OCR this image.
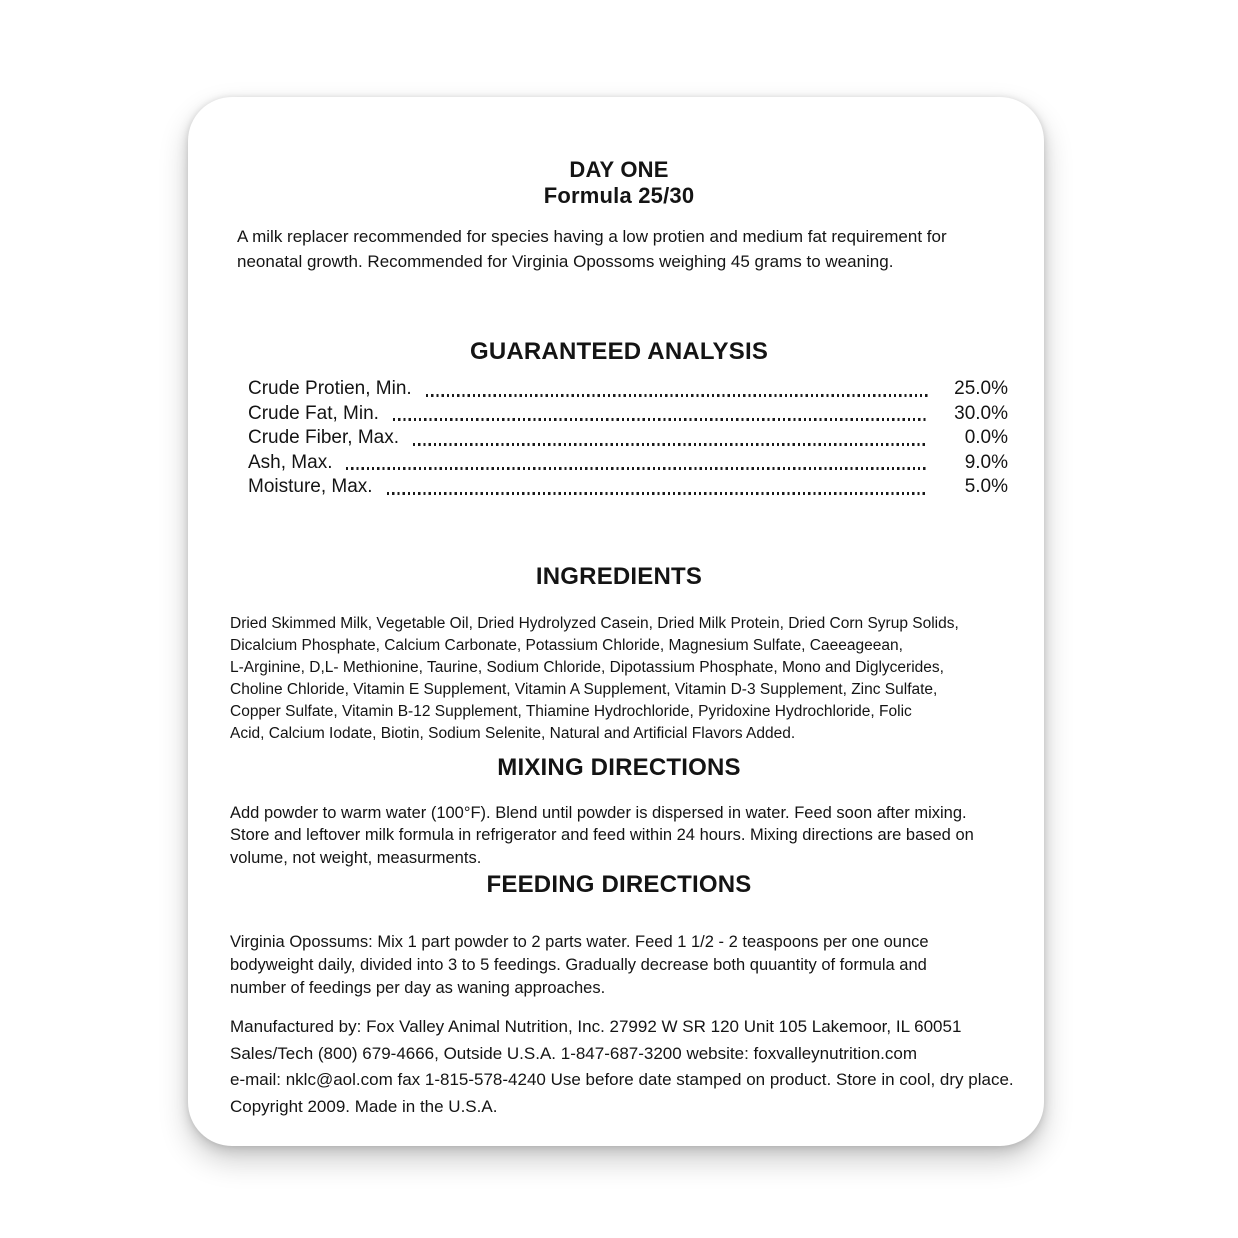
DAY ONE
Formula 25/30
A milk replacer recommended for species having a low protien and medium fat requirement for
neonatal growth. Recommended for Virginia Opossoms weighing 45 grams to weaning.
GUARANTEED ANALYSIS
Crude Protien, Min.	25.0%
Crude Fat, Min.	30.0%
Crude Fiber, Max.	0.0%
Ash, Max.	9.0%
Moisture, Max.	5.0%
INGREDIENTS
Dried Skimmed Milk, Vegetable Oil, Dried Hydrolyzed Casein, Dried Milk Protein, Dried Corn Syrup Solids,
Dicalcium Phosphate, Calcium Carbonate, Potassium Chloride, Magnesium Sulfate, Caeeageean,
L-Arginine, D,L- Methionine, Taurine, Sodium Chloride, Dipotassium Phosphate, Mono and Diglycerides,
Choline Chloride, Vitamin E Supplement, Vitamin A Supplement, Vitamin D-3 Supplement, Zinc Sulfate,
Copper Sulfate, Vitamin B-12 Supplement, Thiamine Hydrochloride, Pyridoxine Hydrochloride, Folic
Acid, Calcium Iodate, Biotin, Sodium Selenite, Natural and Artificial Flavors Added.
MIXING DIRECTIONS
Add powder to warm water (100°F). Blend until powder is dispersed in water. Feed soon after mixing.
Store and leftover milk formula in refrigerator and feed within 24 hours. Mixing directions are based on
volume, not weight, measurments.
FEEDING DIRECTIONS
Virginia Opossums: Mix 1 part powder to 2 parts water. Feed 1 1/2 - 2 teaspoons per one ounce
bodyweight daily, divided into 3 to 5 feedings. Gradually decrease both quuantity of formula and
number of feedings per day as waning approaches.
Manufactured by: Fox Valley Animal Nutrition, Inc. 27992 W SR 120 Unit 105 Lakemoor, IL 60051
Sales/Tech (800) 679-4666, Outside U.S.A. 1-847-687-3200 website: foxvalleynutrition.com
e-mail: nklc@aol.com fax 1-815-578-4240 Use before date stamped on product. Store in cool, dry place.
Copyright 2009. Made in the U.S.A.
